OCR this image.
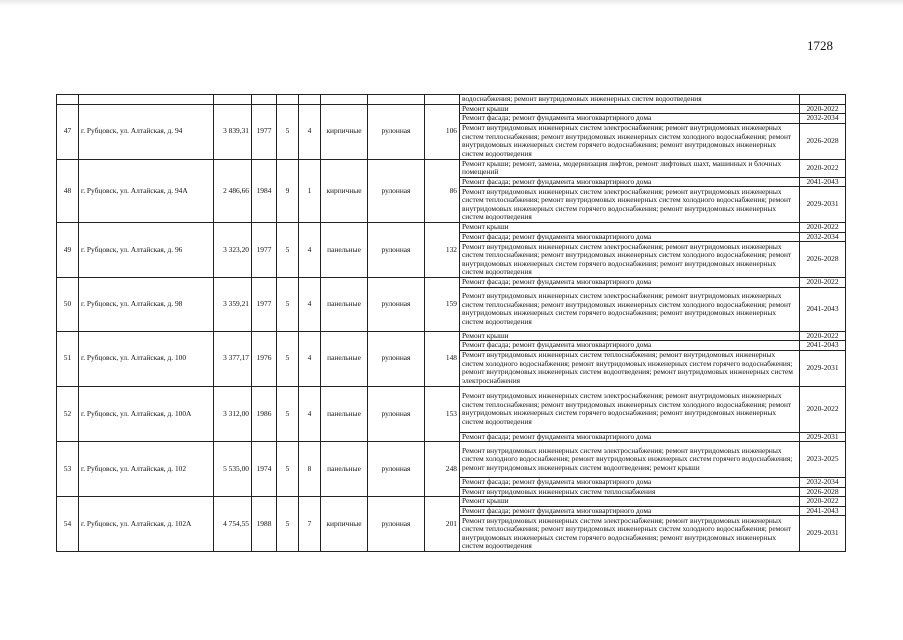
1728
									водоснабжения; ремонт внутридомовых инженерных систем водоотведения	
47	г. Рубцовск, ул. Алтайская, д. 94	3 839,31	1977	5	4	кирпичные	рулонная	106	Ремонт крыши	2020-2022
									Ремонт фасада; ремонт фундамента многоквартирного дома	2032-2034
									Ремонт внутридомовых инженерных систем электроснабжения; ремонт внутридомовых инженерных систем теплоснабжения; ремонт внутридомовых инженерных систем холодного водоснабжения; ремонт внутридомовых инженерных систем горячего водоснабжения; ремонт внутридомовых инженерных систем водоотведения	2026-2028
48	г. Рубцовск, ул. Алтайская, д. 94А	2 486,66	1984	9	1	кирпичные	рулонная	86	Ремонт крыши; ремонт, замена, модернизация лифтов, ремонт лифтовых шахт, машинных и блочных помещений	2020-2022
									Ремонт фасада; ремонт фундамента многоквартирного дома	2041-2043
									Ремонт внутридомовых инженерных систем электроснабжения; ремонт внутридомовых инженерных систем теплоснабжения; ремонт внутридомовых инженерных систем холодного водоснабжения; ремонт внутридомовых инженерных систем горячего водоснабжения; ремонт внутридомовых инженерных систем водоотведения	2029-2031
49	г. Рубцовск, ул. Алтайская, д. 96	3 323,20	1977	5	4	панельные	рулонная	132	Ремонт крыши	2020-2022
									Ремонт фасада; ремонт фундамента многоквартирного дома	2032-2034
									Ремонт внутридомовых инженерных систем электроснабжения; ремонт внутридомовых инженерных систем теплоснабжения; ремонт внутридомовых инженерных систем холодного водоснабжения; ремонт внутридомовых инженерных систем горячего водоснабжения; ремонт внутридомовых инженерных систем водоотведения	2026-2028
50	г. Рубцовск, ул. Алтайская, д. 98	3 359,21	1977	5	4	панельные	рулонная	159	Ремонт фасада; ремонт фундамента многоквартирного дома	2020-2022
									Ремонт внутридомовых инженерных систем электроснабжения; ремонт внутридомовых инженерных систем теплоснабжения; ремонт внутридомовых инженерных систем холодного водоснабжения; ремонт внутридомовых инженерных систем горячего водоснабжения; ремонт внутридомовых инженерных систем водоотведения	2041-2043
51	г. Рубцовск, ул. Алтайская, д. 100	3 377,17	1976	5	4	панельные	рулонная	148	Ремонт крыши	2020-2022
									Ремонт фасада; ремонт фундамента многоквартирного дома	2041-2043
									Ремонт внутридомовых инженерных систем теплоснабжения; ремонт внутридомовых инженерных систем холодного водоснабжения; ремонт внутридомовых инженерных систем горячего водоснабжения; ремонт внутридомовых инженерных систем водоотведения; ремонт внутридомовых инженерных систем электроснабжения	2029-2031
52	г. Рубцовск, ул. Алтайская, д. 100А	3 312,00	1986	5	4	панельные	рулонная	153	Ремонт внутридомовых инженерных систем электроснабжения; ремонт внутридомовых инженерных систем теплоснабжения; ремонт внутридомовых инженерных систем холодного водоснабжения; ремонт внутридомовых инженерных систем горячего водоснабжения; ремонт внутридомовых инженерных систем водоотведения	2020-2022
									Ремонт фасада; ремонт фундамента многоквартирного дома	2029-2031
53	г. Рубцовск, ул. Алтайская, д. 102	5 535,00	1974	5	8	панельные	рулонная	248	Ремонт внутридомовых инженерных систем электроснабжения; ремонт внутридомовых инженерных систем холодного водоснабжения; ремонт внутридомовых инженерных систем горячего водоснабжения; ремонт внутридомовых инженерных систем водоотведения; ремонт крыши	2023-2025
									Ремонт фасада; ремонт фундамента многоквартирного дома	2032-2034
									Ремонт внутридомовых инженерных систем теплоснабжения	2026-2028
54	г. Рубцовск, ул. Алтайская, д. 102А	4 754,55	1988	5	7	кирпичные	рулонная	201	Ремонт крыши	2020-2022
									Ремонт фасада; ремонт фундамента многоквартирного дома	2041-2043
									Ремонт внутридомовых инженерных систем электроснабжения; ремонт внутридомовых инженерных систем теплоснабжения; ремонт внутридомовых инженерных систем холодного водоснабжения; ремонт внутридомовых инженерных систем горячего водоснабжения; ремонт внутридомовых инженерных систем водоотведения	2029-2031
